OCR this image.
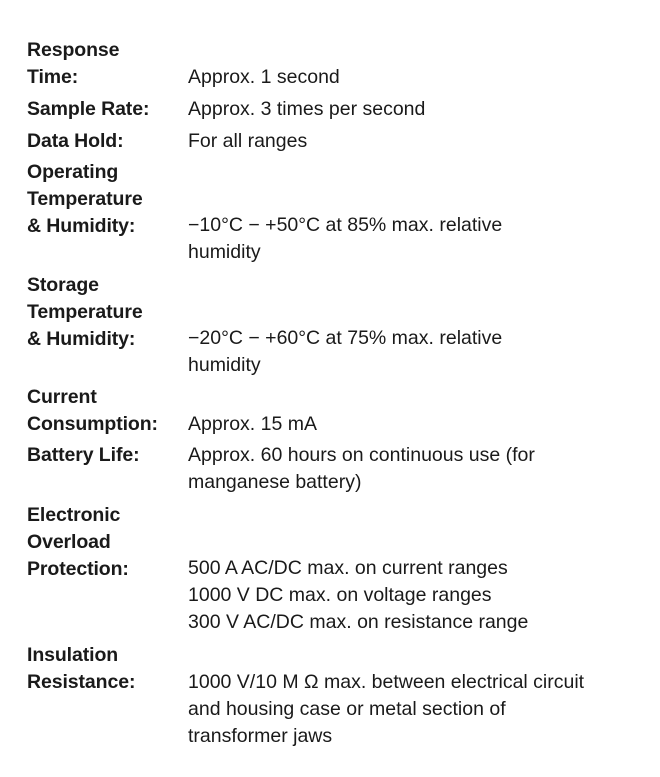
Response
Time:	Approx. 1 second
Sample Rate:	Approx. 3 times per second
Data Hold:	For all ranges
Operating
Temperature
& Humidity:	−10°C − +50°C at 85% max. relative
humidity
Storage
Temperature
& Humidity:	−20°C − +60°C at 75% max. relative
humidity
Current
Consumption:	Approx. 15 mA
Battery Life:	Approx. 60 hours on continuous use (for
manganese battery)
Electronic
Overload
Protection:	500 A AC/DC max. on current ranges
1000 V DC max. on voltage ranges
300 V AC/DC max. on resistance range
Insulation
Resistance:	1000 V/10 M Ω max. between electrical circuit
and housing case or metal section of
transformer jaws
